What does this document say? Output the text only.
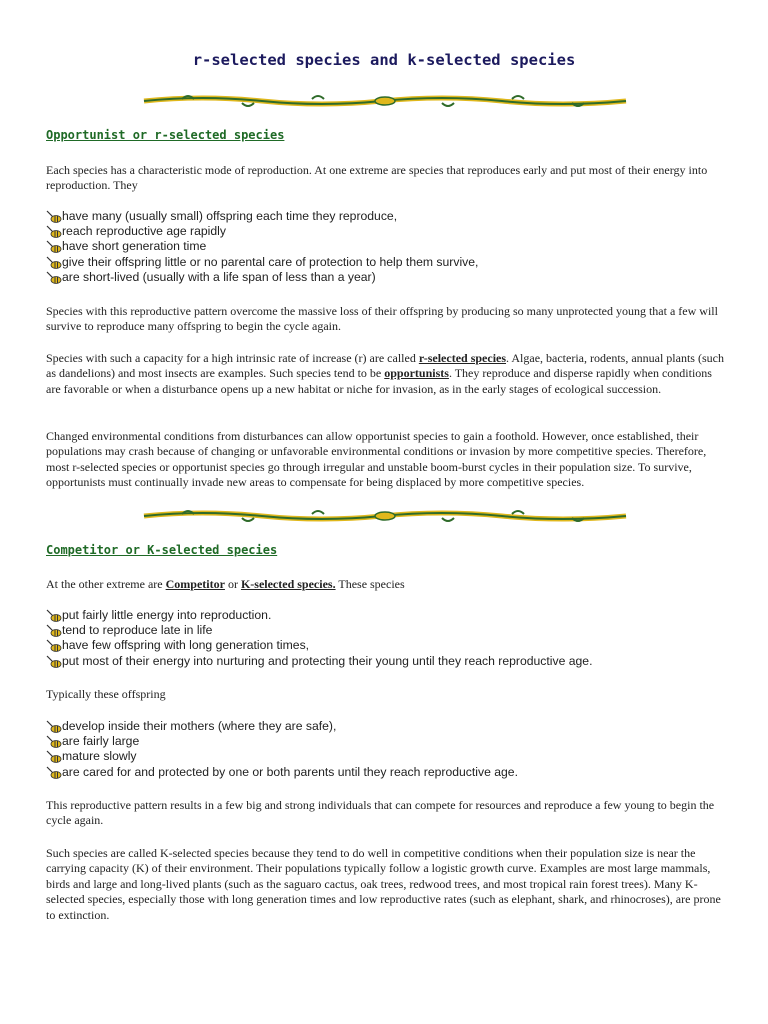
r-selected species and k-selected species
Opportunist or r-selected species

Each species has a characteristic mode of reproduction. At one extreme are species that reproduces early and put most of their energy into reproduction. They

have many (usually small) offspring each time they reproduce,
reach reproductive age rapidly
have short generation time
give their offspring little or no parental care of protection to help them survive,
are short-lived (usually with a life span of less than a year)

Species with this reproductive pattern overcome the massive loss of their offspring by producing so many unprotected young that a few will survive to reproduce many offspring to begin the cycle again.

Species with such a capacity for a high intrinsic rate of increase (r) are called r-selected species. Algae, bacteria, rodents, annual plants (such as dandelions) and most insects are examples. Such species tend to be opportunists. They reproduce and disperse rapidly when conditions are favorable or when a disturbance opens up a new habitat or niche for invasion, as in the early stages of ecological succession.

Changed environmental conditions from disturbances can allow opportunist species to gain a foothold. However, once established, their populations may crash because of changing or unfavorable environmental conditions or invasion by more competitive species. Therefore, most r-selected species or opportunist species go through irregular and unstable boom-burst cycles in their population size. To survive, opportunists must continually invade new areas to compensate for being displaced by more competitive species.

Competitor or K-selected species

At the other extreme are Competitor or K-selected species. These species

put fairly little energy into reproduction.
tend to reproduce late in life
have few offspring with long generation times,
put most of their energy into nurturing and protecting their young until they reach reproductive age.

Typically these offspring

develop inside their mothers (where they are safe),
are fairly large
mature slowly
are cared for and protected by one or both parents until they reach reproductive age.

This reproductive pattern results in a few big and strong individuals that can compete for resources and reproduce a few young to begin the cycle again.

Such species are called K-selected species because they tend to do well in competitive conditions when their population size is near the carrying capacity (K) of their environment. Their populations typically follow a logistic growth curve. Examples are most large mammals, birds and large and long-lived plants (such as the saguaro cactus, oak trees, redwood trees, and most tropical rain forest trees). Many K-selected species, especially those with long generation times and low reproductive rates (such as elephant, shark, and rhinocroses), are prone to extinction.
